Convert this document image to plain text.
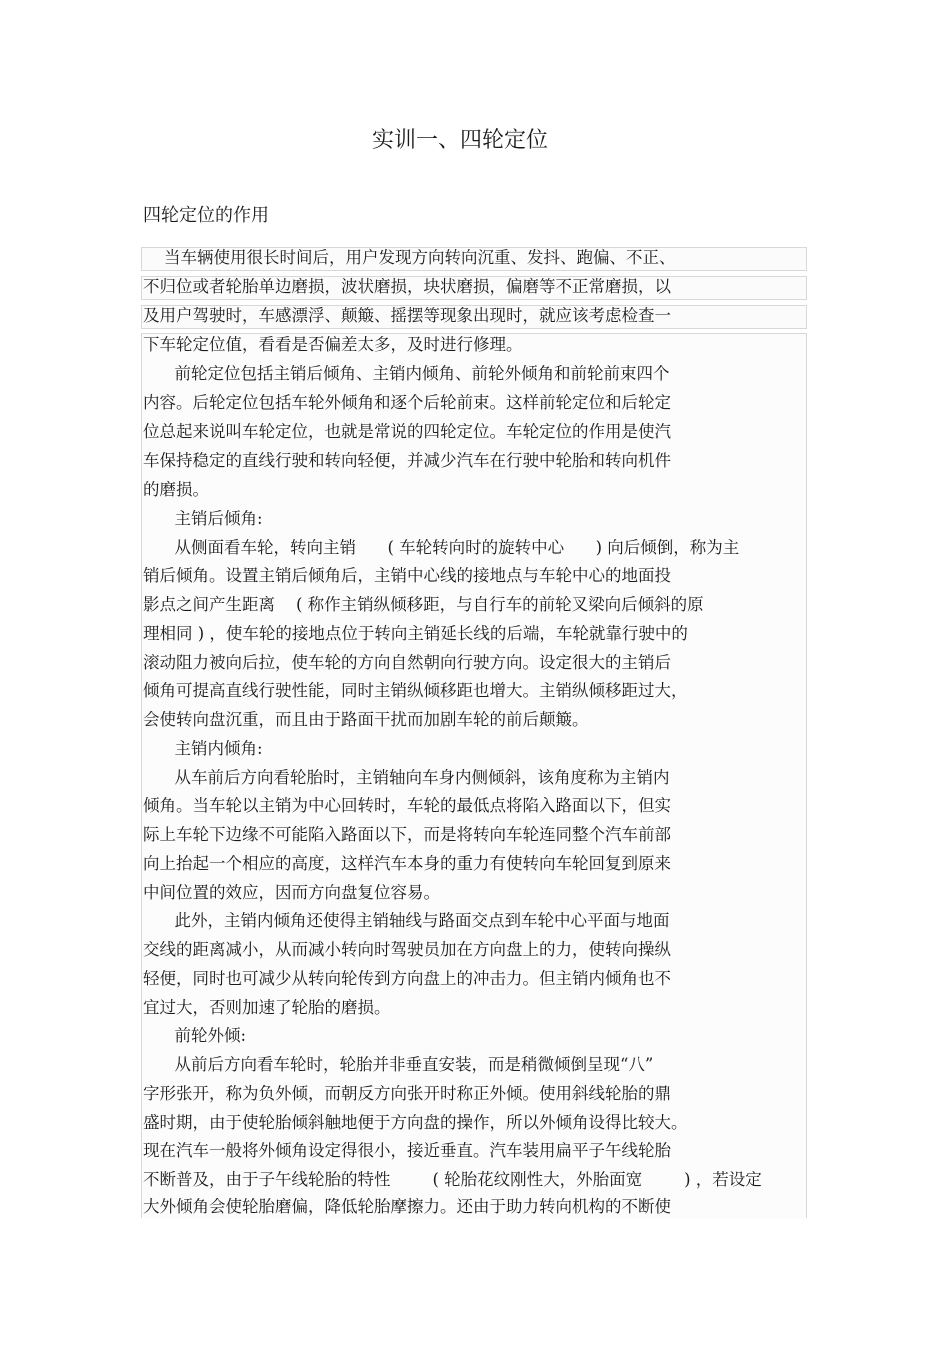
实训一、四轮定位
四轮定位的作用

当车辆使用很长时间后，用户发现方向转向沉重、发抖、跑偏、不正、

不归位或者轮胎单边磨损，波状磨损，块状磨损，偏磨等不正常磨损，以

及用户驾驶时，车感漂浮、颠簸、摇摆等现象出现时，就应该考虑检查一

下车轮定位值，看看是否偏差太多，及时进行修理。

前轮定位包括主销后倾角、主销内倾角、前轮外倾角和前轮前束四个

内容。后轮定位包括车轮外倾角和逐个后轮前束。这样前轮定位和后轮定

位总起来说叫车轮定位，也就是常说的四轮定位。车轮定位的作用是使汽

车保持稳定的直线行驶和转向轻便，并减少汽车在行驶中轮胎和转向机件

的磨损。

主销后倾角:

从侧面看车轮，转向主销      ( 车轮转向时的旋转中心      ) 向后倾倒，称为主

销后倾角。设置主销后倾角后，主销中心线的接地点与车轮中心的地面投

影点之间产生距离    ( 称作主销纵倾移距，与自行车的前轮叉梁向后倾斜的原

理相同 ) ，使车轮的接地点位于转向主销延长线的后端，车轮就靠行驶中的

滚动阻力被向后拉，使车轮的方向自然朝向行驶方向。设定很大的主销后

倾角可提高直线行驶性能，同时主销纵倾移距也增大。主销纵倾移距过大，

会使转向盘沉重，而且由于路面干扰而加剧车轮的前后颠簸。

主销内倾角:

从车前后方向看轮胎时，主销轴向车身内侧倾斜，该角度称为主销内

倾角。当车轮以主销为中心回转时，车轮的最低点将陷入路面以下，但实

际上车轮下边缘不可能陷入路面以下，而是将转向车轮连同整个汽车前部

向上抬起一个相应的高度，这样汽车本身的重力有使转向车轮回复到原来

中间位置的效应，因而方向盘复位容易。

此外，主销内倾角还使得主销轴线与路面交点到车轮中心平面与地面

交线的距离减小，从而减小转向时驾驶员加在方向盘上的力，使转向操纵

轻便，同时也可减少从转向轮传到方向盘上的冲击力。但主销内倾角也不

宜过大，否则加速了轮胎的磨损。

前轮外倾:

从前后方向看车轮时，轮胎并非垂直安装，而是稍微倾倒呈现“八”

字形张开，称为负外倾，而朝反方向张开时称正外倾。使用斜线轮胎的鼎

盛时期，由于使轮胎倾斜触地便于方向盘的操作，所以外倾角设得比较大。

现在汽车一般将外倾角设定得很小，接近垂直。汽车装用扁平子午线轮胎

不断普及，由于子午线轮胎的特性        ( 轮胎花纹刚性大，外胎面宽        ) ，若设定

大外倾角会使轮胎磨偏，降低轮胎摩擦力。还由于助力转向机构的不断使
